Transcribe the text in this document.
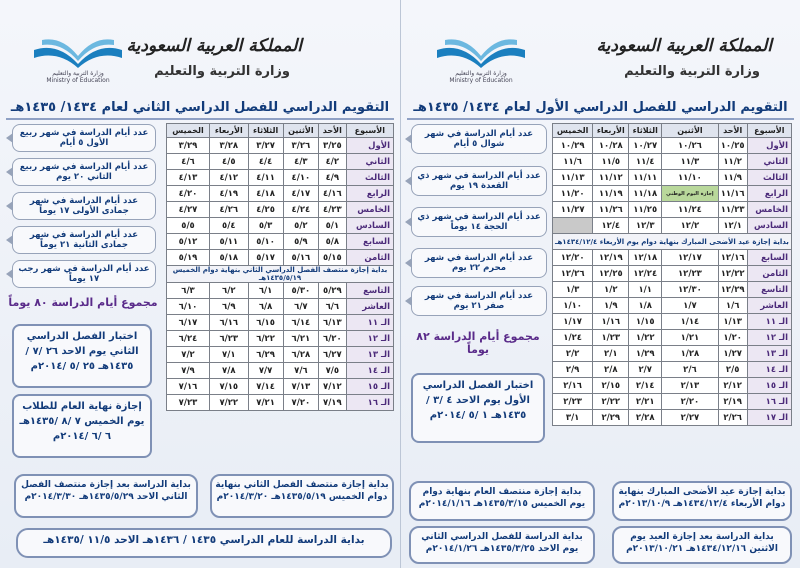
المملكة العربية السعودية
وزارة التربية والتعليم
وزارة التربية والتعليم
Ministry of Education
التقويم الدراسي للفصل الدراسي الأول لعام ١٤٣٤/ ١٤٣٥هـ
الأسبوع	الأحد	الأثنين	الثلاثاء	الأربعاء	الخميس
الأول	١٠/٢٥	١٠/٢٦	١٠/٢٧	١٠/٢٨	١٠/٢٩
الثاني	١١/٢	١١/٣	١١/٤	١١/٥	١١/٦
الثالث	١١/٩	١١/١٠	١١/١١	١١/١٢	١١/١٣
الرابع	١١/١٦	إجازة اليوم الوطني	١١/١٨	١١/١٩	١١/٢٠
الخامس	١١/٢٣	١١/٢٤	١١/٢٥	١١/٢٦	١١/٢٧
السادس	١٢/١	١٢/٢	١٢/٣	١٢/٤	
بداية إجازة عيد الأضحى المبارك بنهاية دوام يوم الأربعاء ١٤٣٤/١٢/٤هـ					
السابع	١٢/١٦	١٢/١٧	١٢/١٨	١٢/١٩	١٢/٢٠
الثامن	١٢/٢٢	١٢/٢٣	١٢/٢٤	١٢/٢٥	١٢/٢٦
التاسع	١٢/٢٩	١٢/٣٠	١/١	١/٢	١/٣
العاشر	١/٦	١/٧	١/٨	١/٩	١/١٠
الـ ١١	١/١٣	١/١٤	١/١٥	١/١٦	١/١٧
الـ ١٢	١/٢٠	١/٢١	١/٢٢	١/٢٣	١/٢٤
الـ ١٣	١/٢٧	١/٢٨	١/٢٩	٢/١	٢/٢
الـ ١٤	٢/٥	٢/٦	٢/٧	٢/٨	٢/٩
الـ ١٥	٢/١٢	٢/١٣	٢/١٤	٢/١٥	٢/١٦
الـ ١٦	٢/١٩	٢/٢٠	٢/٢١	٢/٢٢	٢/٢٣
الـ ١٧	٢/٢٦	٢/٢٧	٢/٢٨	٢/٢٩	٣/١
عدد أيام الدراسة في شهر شوال ٥ أيام
عدد أيام الدراسة في شهر ذي القعدة ١٩ يوم
عدد أيام الدراسة في شهر ذي الحجة ١٤ يوماً
عدد أيام الدراسة في شهر محرم ٢٢ يوم
عدد أيام الدراسة في شهر صفر ٢١ يوم
مجموع أيام الدراسة ٨٢ يوماً
اختبار الفصل الدراسي الأول يوم الاحد ٤ /٣ /١٤٣٥هـ ١ /٥ /٢٠١٤م
بداية إجازة عيد الأضحى المبارك بنهاية دوام الأربعاء ١٤٣٤/١٢/٤هـ ٢٠١٣/١٠/٩م
بداية إجازة منتصف العام بنهاية دوام يوم الخميس ١٤٣٥/٣/١٥هـ ٢٠١٤/١/١٦م
بداية الدراسة بعد إجازة العيد يوم الاثنين ١٤٣٤/١٢/١٦هـ ٢٠١٣/١٠/٢١م
بداية الدراسة للفصل الدراسي الثاني يوم الاحد ١٤٣٥/٣/٢٥هـ ٢٠١٤/١/٢٦م
المملكة العربية السعودية
وزارة التربية والتعليم
وزارة التربية والتعليم
Ministry of Education
التقويم الدراسي للفصل الدراسي الثاني لعام ١٤٣٤/ ١٤٣٥هـ
الأسبوع	الأحد	الأثنين	الثلاثاء	الأربعاء	الخميس
الأول	٣/٢٥	٣/٢٦	٣/٢٧	٣/٢٨	٣/٢٩
الثاني	٤/٢	٤/٣	٤/٤	٤/٥	٤/٦
الثالث	٤/٩	٤/١٠	٤/١١	٤/١٢	٤/١٣
الرابع	٤/١٦	٤/١٧	٤/١٨	٤/١٩	٤/٢٠
الخامس	٤/٢٣	٤/٢٤	٤/٢٥	٤/٢٦	٤/٢٧
السادس	٥/١	٥/٢	٥/٣	٥/٤	٥/٥
السابع	٥/٨	٥/٩	٥/١٠	٥/١١	٥/١٢
الثامن	٥/١٥	٥/١٦	٥/١٧	٥/١٨	٥/١٩
بداية إجازة منتصف الفصل الدراسي الثاني بنهاية دوام الخميس ١٤٣٥/٥/١٩هـ					
التاسع	٥/٢٩	٥/٣٠	٦/١	٦/٢	٦/٣
العاشر	٦/٦	٦/٧	٦/٨	٦/٩	٦/١٠
الـ ١١	٦/١٣	٦/١٤	٦/١٥	٦/١٦	٦/١٧
الـ ١٢	٦/٢٠	٦/٢١	٦/٢٢	٦/٢٣	٦/٢٤
الـ ١٣	٦/٢٧	٦/٢٨	٦/٢٩	٧/١	٧/٢
الـ ١٤	٧/٥	٧/٦	٧/٧	٧/٨	٧/٩
الـ ١٥	٧/١٢	٧/١٣	٧/١٤	٧/١٥	٧/١٦
الـ ١٦	٧/١٩	٧/٢٠	٧/٢١	٧/٢٢	٧/٢٣
عدد أيام الدراسة في شهر ربيع الأول ٥ أيام
عدد أيام الدراسة في شهر ربيع الثاني ٢٠ يوم
عدد أيام الدراسة في شهر جمادى الأولى ١٧ يوماً
عدد أيام الدراسة في شهر جمادى الثانية ٢١ يوماً
عدد أيام الدراسة في شهر رجب ١٧ يوماً
مجموع أيام الدراسة ٨٠ يوماً
اختبار الفصل الدراسي الثاني يوم الاحد ٢٦ /٧ /١٤٣٥هـ ٢٥ /٥ /٢٠١٤م
إجازة نهاية العام للطلاب يوم الخميس ٧ /٨ /١٤٣٥هـ ٦ /٦ /٢٠١٤م
بداية إجازة منتصف الفصل الثاني بنهاية دوام الخميس ١٤٣٥/٥/١٩هـ ٢٠١٤/٣/٢٠م
بداية الدراسة بعد إجازة منتصف الفصل الثاني الاحد ١٤٣٥/٥/٢٩هـ ٢٠١٤/٣/٣٠م
بداية الدراسة للعام الدراسي ١٤٣٥ / ١٤٣٦هـ الاحد ١١/٥ /١٤٣٥هـ
